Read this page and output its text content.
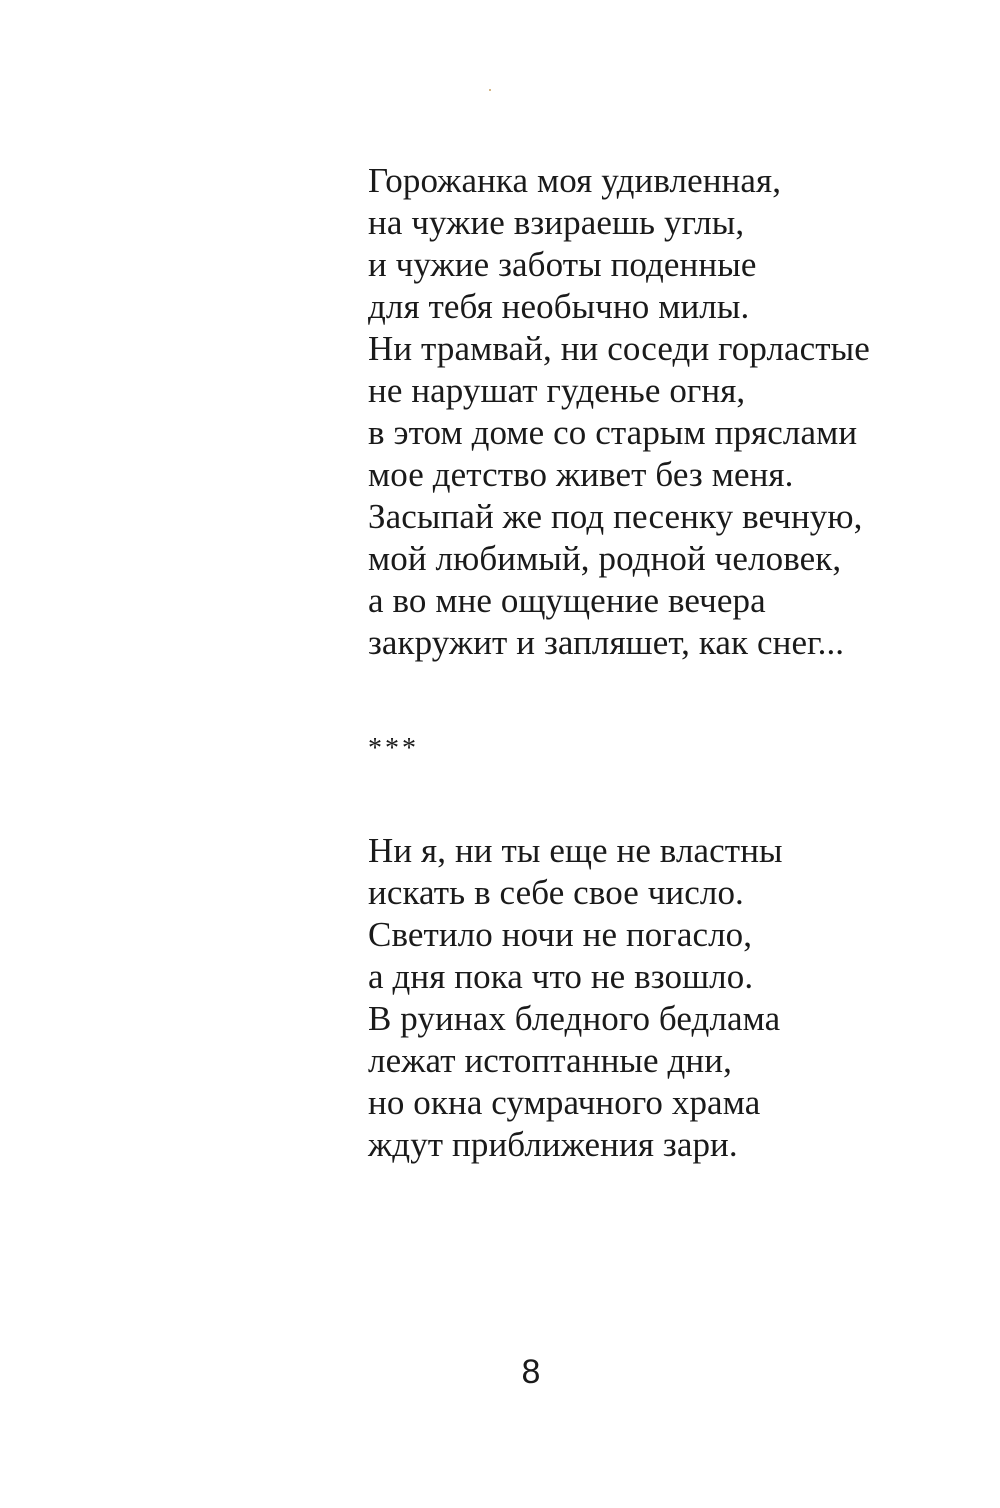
Горожанка моя удивленная,
на чужие взираешь углы,
и чужие заботы поденные
для тебя необычно милы.
Ни трамвай, ни соседи горластые
не нарушат гуденье огня,
в этом доме со старым пряслами
мое детство живет без меня.
Засыпай же под песенку вечную,
мой любимый, родной человек,
а во мне ощущение вечера
закружит и запляшет, как снег...
***
Ни я, ни ты еще не властны
искать в себе свое число.
Светило ночи не погасло,
а дня пока что не взошло.
В руинах бледного бедлама
лежат истоптанные дни,
но окна сумрачного храма
ждут приближения зари.
8
